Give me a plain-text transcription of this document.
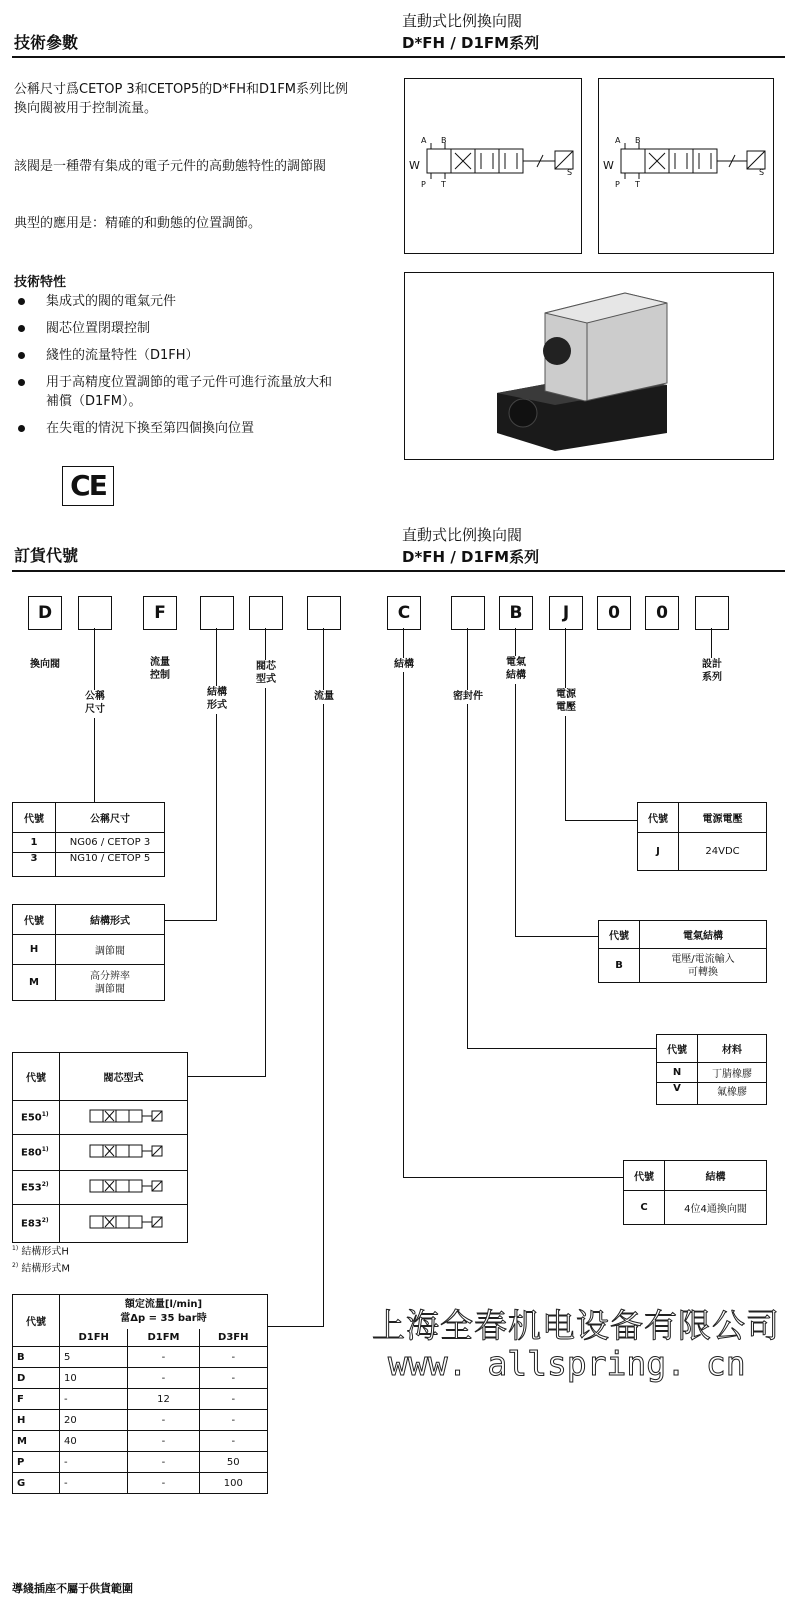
技術參數
直動式比例換向閥
D*FH / D1FM系列
公稱尺寸爲CETOP 3和CETOP5的D*FH和D1FM系列比例
換向閥被用于控制流量。
該閥是一種帶有集成的電子元件的高動態特性的調節閥
典型的應用是：精確的和動態的位置調節。
技術特性
集成式的閥的電氣元件
閥芯位置閉環控制
綫性的流量特性（D1FH）
用于高精度位置調節的電子元件可進行流量放大和
補償（D1FM）。
在失電的情況下換至第四個換向位置
CE
A B
P T
W
S
A B
P T
W
S
訂貨代號
直動式比例換向閥
D*FH / D1FM系列
D	F	C	B	J	0	0
換向閥
公稱
尺寸
流量
控制
結構
形式
閥芯
型式
流量
結構
密封件
電氣
結構
電源
電壓
設計
系列
代號	公稱尺寸
1	NG06 / CETOP 3
3	NG10 / CETOP 5
代號	結構形式
H	調節閥
M	高分辨率
調節閥
代號	閥芯型式
E50$^{1)}$	
E80$^{1)}$	
E53$^{2)}$	
E83$^{2)}$	
$^{1)}$ 結構形式H
$^{2)}$ 結構形式M
代號	額定流量[l/min]
當Δp = 35 bar時		

	D1FH	D1FM	D3FH
B	5	-	-
D	10	-	-
F	-	12	-
H	20	-	-
M	40	-	-
P	-	-	50
G	-	-	100
代號	電源電壓
J	24VDC
代號	電氣結構
B	電壓/電流輸入
可轉換
代號	材料
N	丁腈橡膠
V	氟橡膠
代號	結構
C	4位4通換向閥
上海全春机电设备有限公司
www. allspring. cn
導綫插座不屬于供貨範圍
